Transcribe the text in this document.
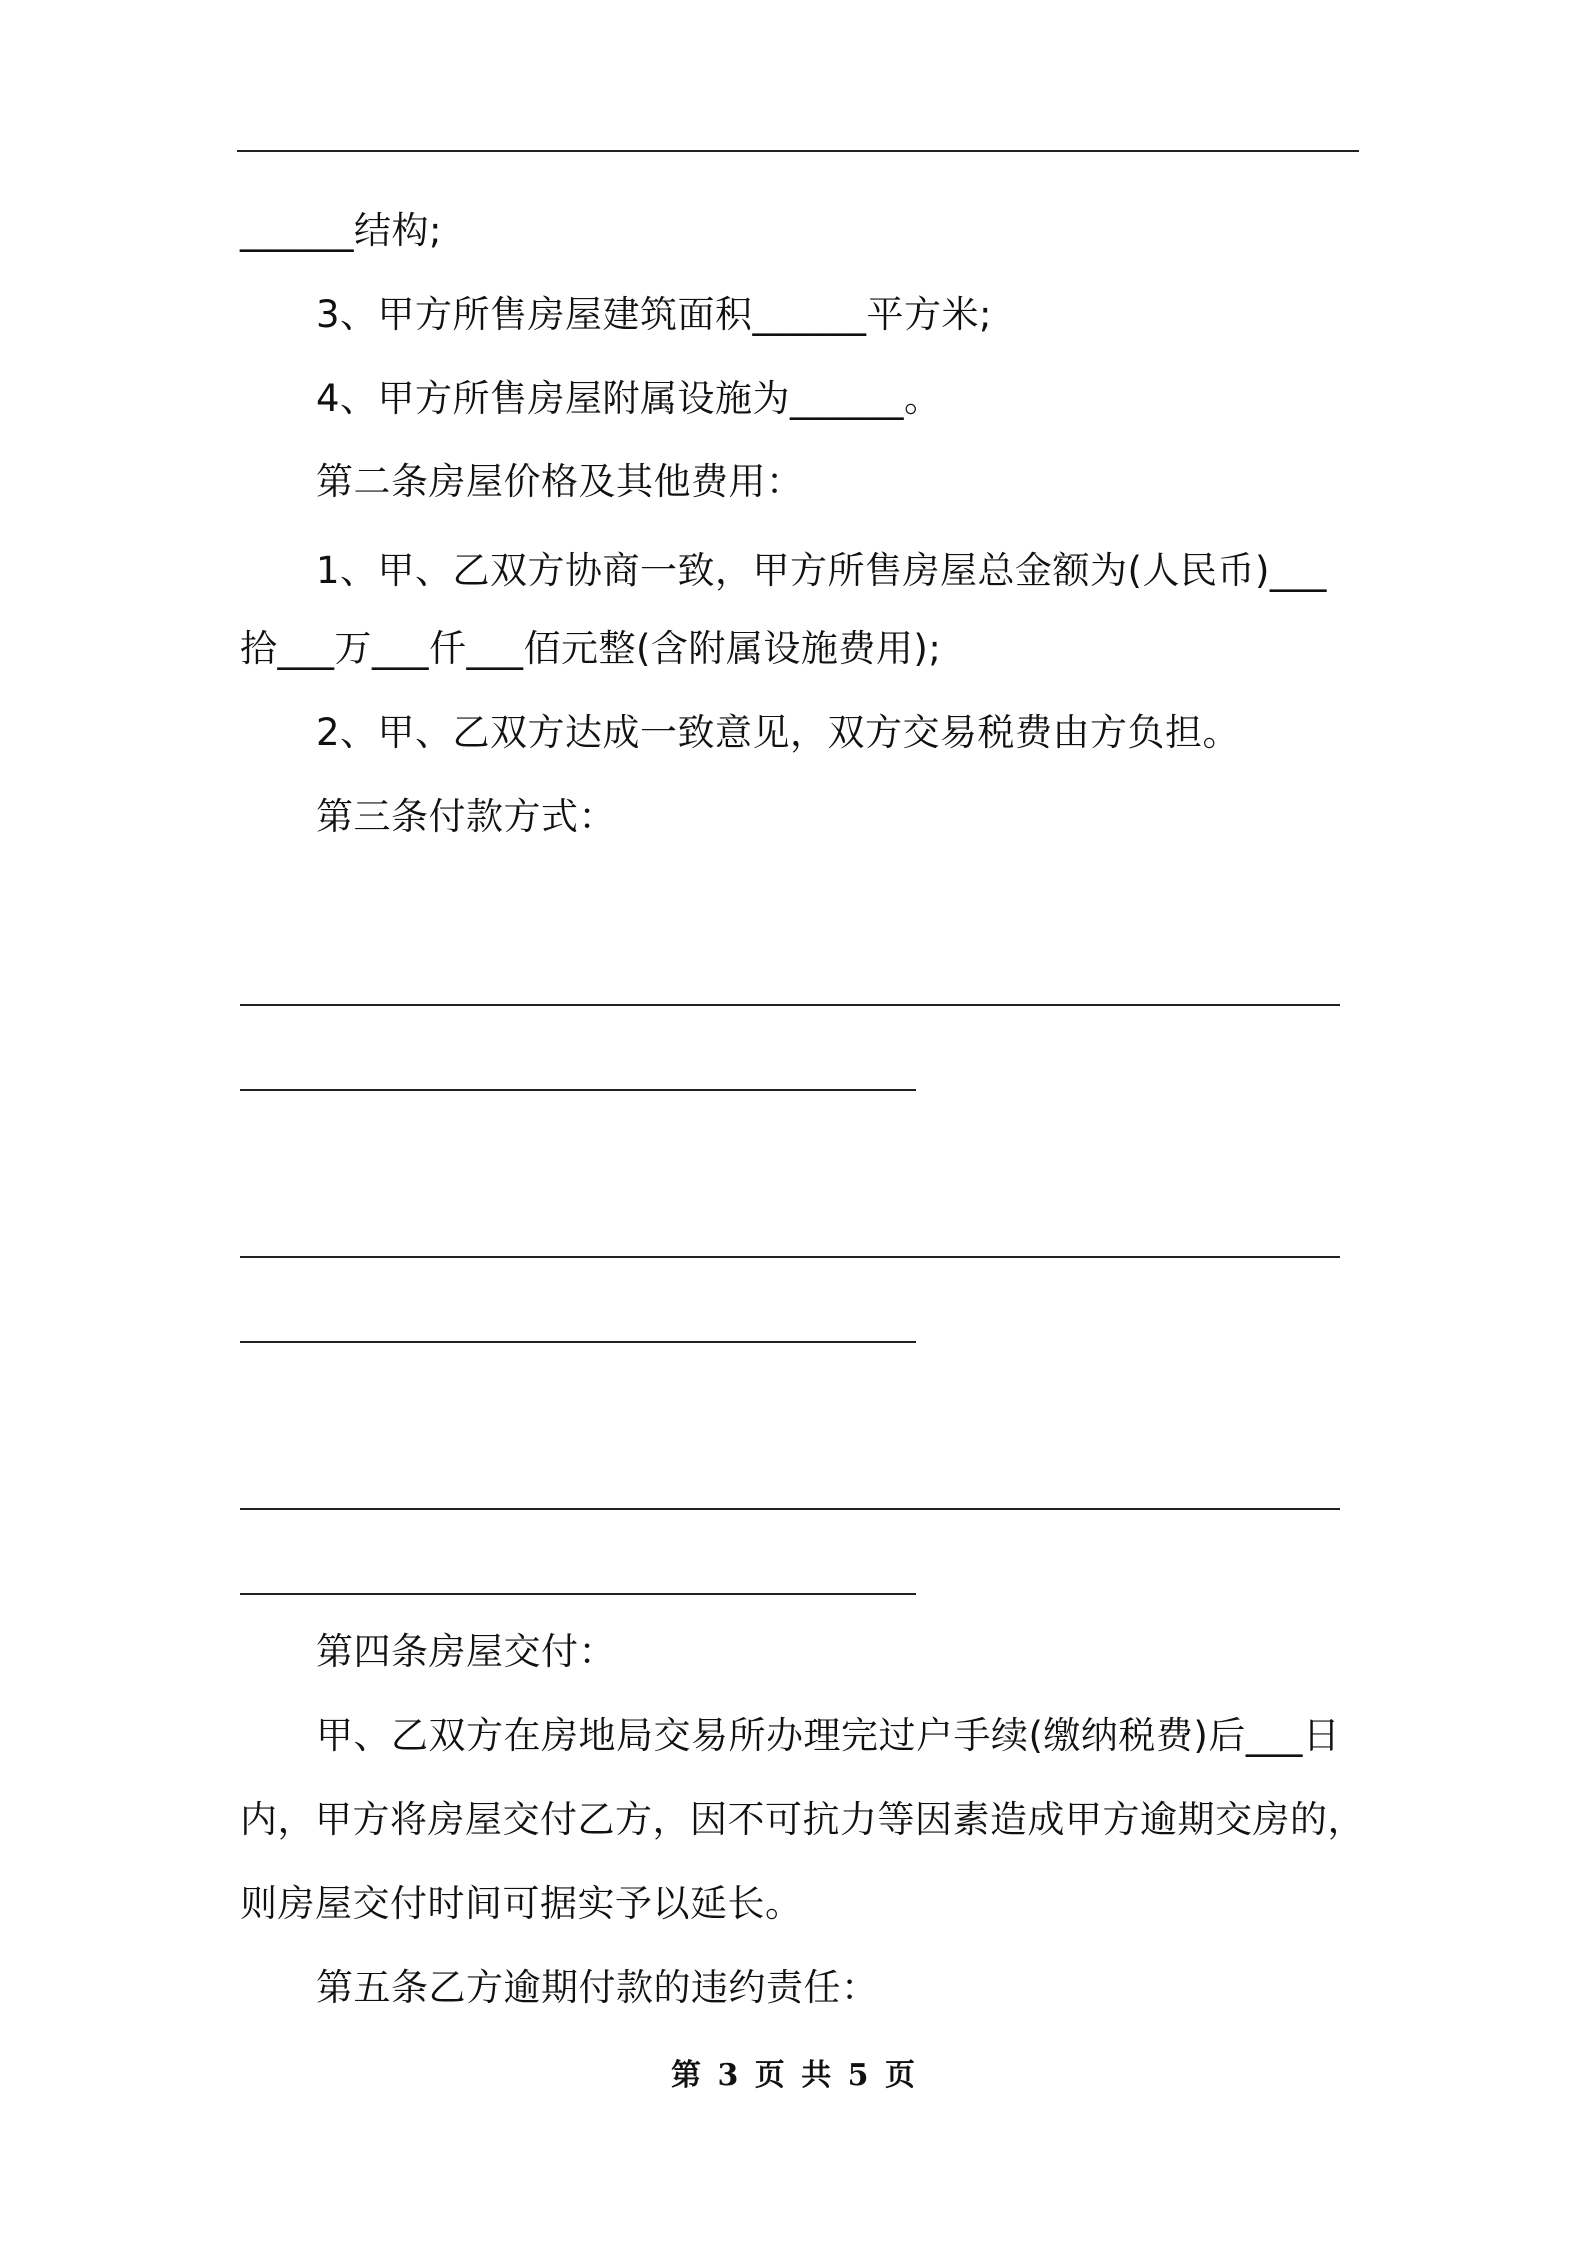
______结构;
3、甲方所售房屋建筑面积______平方米;
4、甲方所售房屋附属设施为______。
第二条房屋价格及其他费用：
1、甲、乙双方协商一致，甲方所售房屋总金额为(人民币)___
拾___万___仟___佰元整(含附属设施费用);
2、甲、乙双方达成一致意见，双方交易税费由方负担。
第三条付款方式：
第四条房屋交付：
甲、乙双方在房地局交易所办理完过户手续(缴纳税费)后___日
内，甲方将房屋交付乙方，因不可抗力等因素造成甲方逾期交房的，
则房屋交付时间可据实予以延长。
第五条乙方逾期付款的违约责任：
第 3 页 共 5 页
